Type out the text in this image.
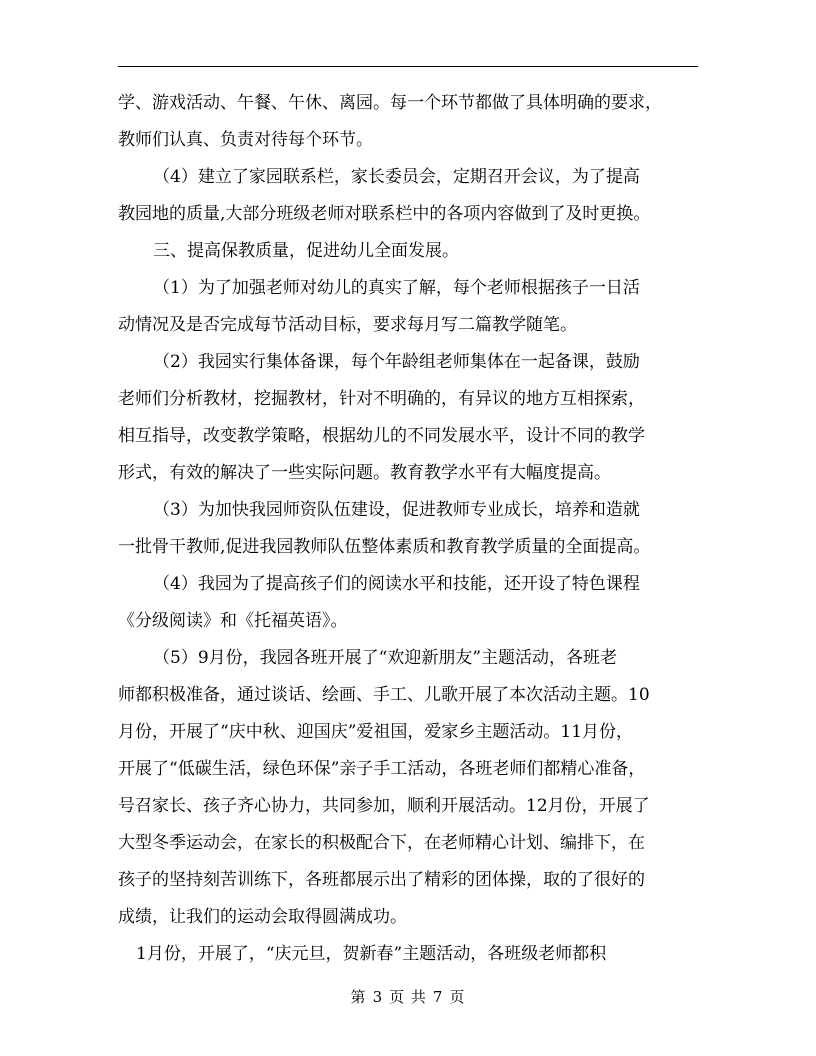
学、游戏活动、午餐、午休、离园。每一个环节都做了具体明确的要求，
教师们认真、负责对待每个环节。

（4）建立了家园联系栏，家长委员会，定期召开会议，为了提高
教园地的质量,大部分班级老师对联系栏中的各项内容做到了及时更换。

三、提高保教质量，促进幼儿全面发展。

（1）为了加强老师对幼儿的真实了解，每个老师根据孩子一日活
动情况及是否完成每节活动目标，要求每月写二篇教学随笔。

（2）我园实行集体备课，每个年龄组老师集体在一起备课，鼓励
老师们分析教材，挖掘教材，针对不明确的，有异议的地方互相探索，
相互指导，改变教学策略，根据幼儿的不同发展水平，设计不同的教学
形式，有效的解决了一些实际问题。教育教学水平有大幅度提高。

（3）为加快我园师资队伍建设，促进教师专业成长，培养和造就
一批骨干教师,促进我园教师队伍整体素质和教育教学质量的全面提高。

（4）我园为了提高孩子们的阅读水平和技能，还开设了特色课程
《分级阅读》和《托福英语》。

（5）9月份，我园各班开展了“欢迎新朋友”主题活动，各班老
师都积极准备，通过谈话、绘画、手工、儿歌开展了本次活动主题。10
月份，开展了“庆中秋、迎国庆”爱祖国，爱家乡主题活动。11月份，
开展了“低碳生活，绿色环保”亲子手工活动，各班老师们都精心准备，
号召家长、孩子齐心协力，共同参加，顺利开展活动。12月份，开展了
大型冬季运动会，在家长的积极配合下，在老师精心计划、编排下，在
孩子的坚持刻苦训练下，各班都展示出了精彩的团体操，取的了很好的
成绩，让我们的运动会取得圆满成功。

1月份，开展了，“庆元旦，贺新春”主题活动，各班级老师都积

第 3 页 共 7 页
